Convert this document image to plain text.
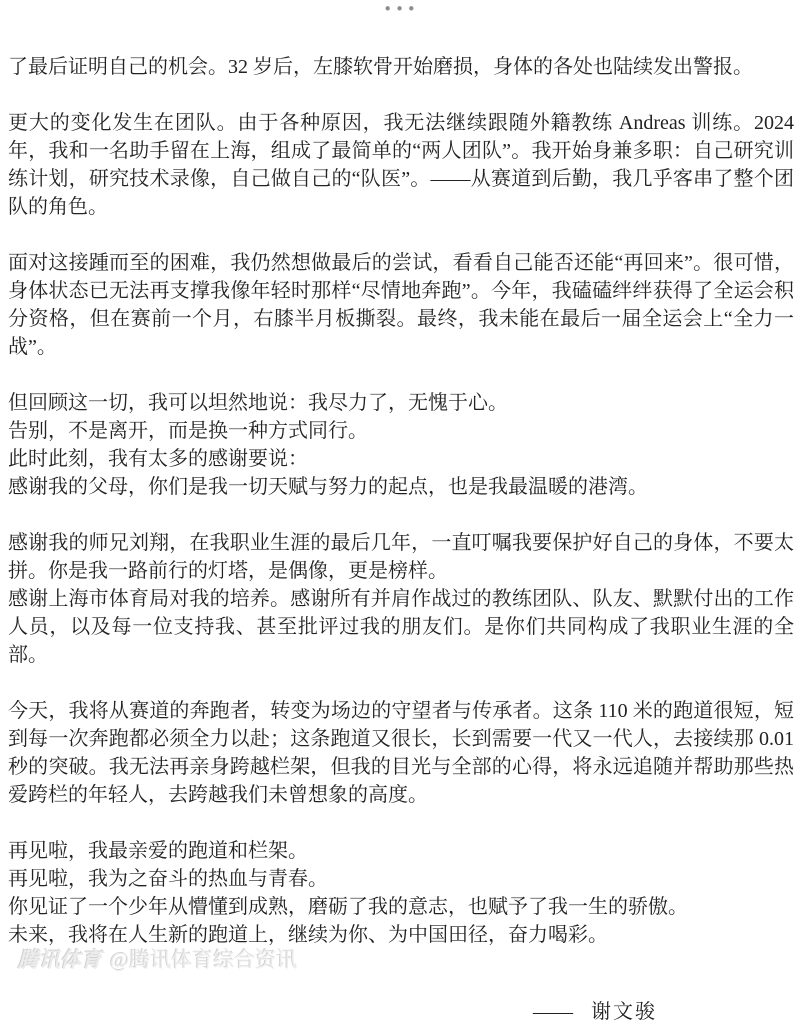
•••

了最后证明自己的机会。32 岁后，左膝软骨开始磨损，身体的各处也陆续发出警报。

更大的变化发生在团队。由于各种原因，我无法继续跟随外籍教练 Andreas 训练。2024 年，我和一名助手留在上海，组成了最简单的“两人团队”。我开始身兼多职：自己研究训练计划，研究技术录像，自己做自己的“队医”。——从赛道到后勤，我几乎客串了整个团队的角色。

面对这接踵而至的困难，我仍然想做最后的尝试，看看自己能否还能“再回来”。很可惜，身体状态已无法再支撑我像年轻时那样“尽情地奔跑”。今年，我磕磕绊绊获得了全运会积分资格，但在赛前一个月，右膝半月板撕裂。最终，我未能在最后一届全运会上“全力一战”。

但回顾这一切，我可以坦然地说：我尽力了，无愧于心。
告别，不是离开，而是换一种方式同行。
此时此刻，我有太多的感谢要说：
感谢我的父母，你们是我一切天赋与努力的起点，也是我最温暖的港湾。

感谢我的师兄刘翔，在我职业生涯的最后几年，一直叮嘱我要保护好自己的身体，不要太拼。你是我一路前行的灯塔，是偶像，更是榜样。
感谢上海市体育局对我的培养。感谢所有并肩作战过的教练团队、队友、默默付出的工作人员，以及每一位支持我、甚至批评过我的朋友们。是你们共同构成了我职业生涯的全部。

今天，我将从赛道的奔跑者，转变为场边的守望者与传承者。这条 110 米的跑道很短，短到每一次奔跑都必须全力以赴；这条跑道又很长，长到需要一代又一代人，去接续那 0.01 秒的突破。我无法再亲身跨越栏架，但我的目光与全部的心得，将永远追随并帮助那些热爱跨栏的年轻人，去跨越我们未曾想象的高度。

再见啦，我最亲爱的跑道和栏架。
再见啦，我为之奋斗的热血与青春。
你见证了一个少年从懵懂到成熟，磨砺了我的意志，也赋予了我一生的骄傲。
未来，我将在人生新的跑道上，继续为你、为中国田径，奋力喝彩。

—— 谢文骏
腾讯体育 @腾讯体育综合资讯
